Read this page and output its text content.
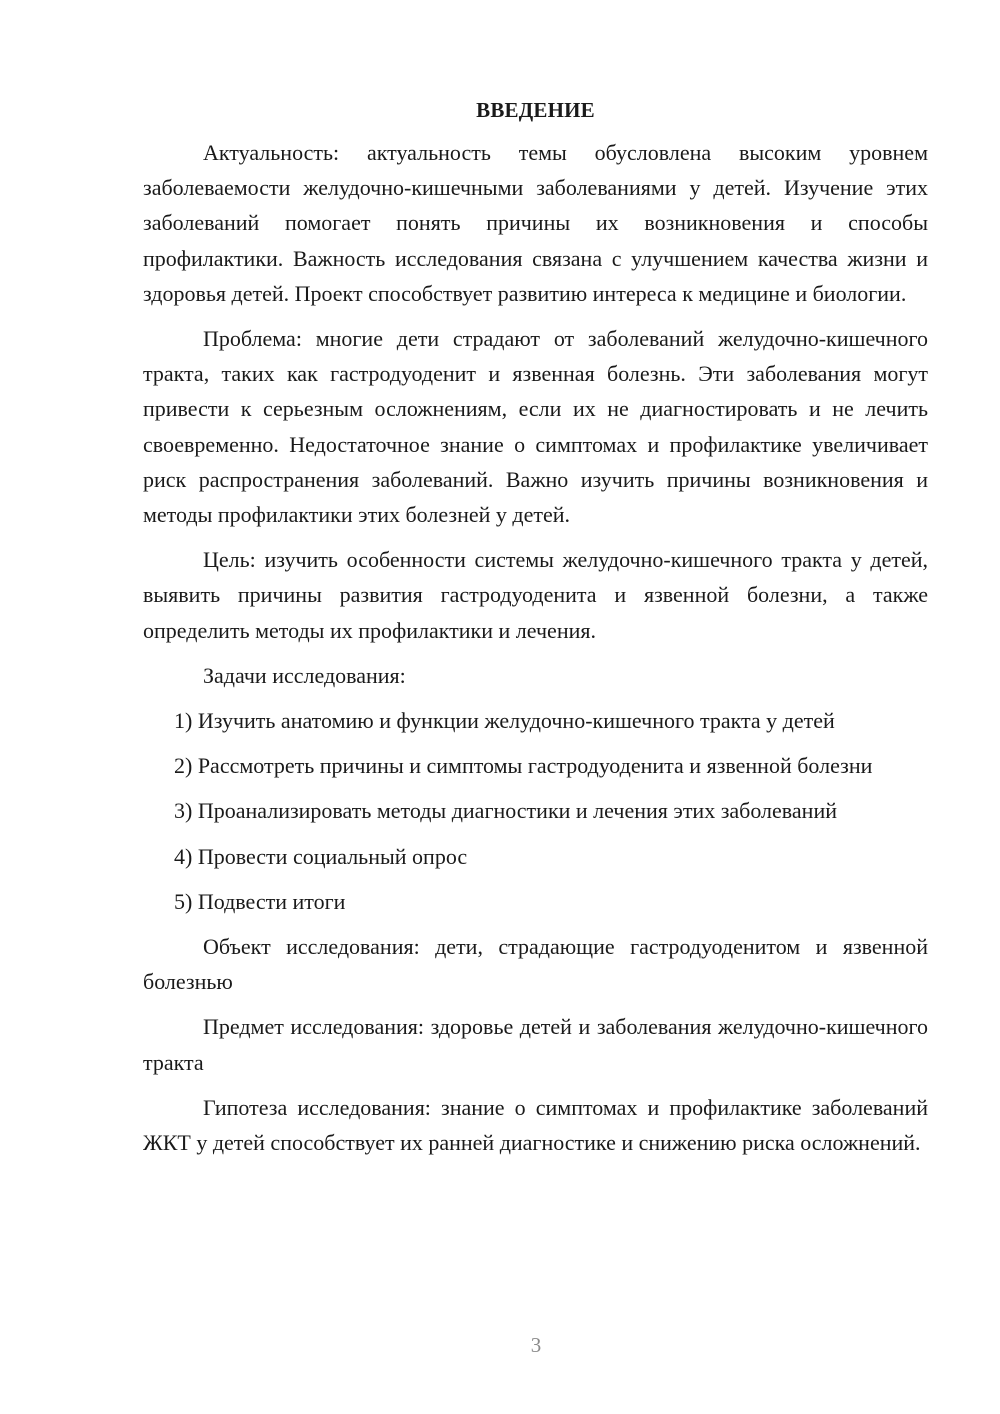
ВВЕДЕНИЕ

Актуальность: актуальность темы обусловлена высоким уровнем заболеваемости желудочно-кишечными заболеваниями у детей. Изучение этих заболеваний помогает понять причины их возникновения и способы профилактики. Важность исследования связана с улучшением качества жизни и здоровья детей. Проект способствует развитию интереса к медицине и биологии.

Проблема: многие дети страдают от заболеваний желудочно-кишечного тракта, таких как гастродуоденит и язвенная болезнь. Эти заболевания могут привести к серьезным осложнениям, если их не диагностировать и не лечить своевременно. Недостаточное знание о симптомах и профилактике увеличивает риск распространения заболеваний. Важно изучить причины возникновения и методы профилактики этих болезней у детей.

Цель: изучить особенности системы желудочно-кишечного тракта у детей, выявить причины развития гастродуоденита и язвенной болезни, а также определить методы их профилактики и лечения.

Задачи исследования:

1) Изучить анатомию и функции желудочно-кишечного тракта у детей

2) Рассмотреть причины и симптомы гастродуоденита и язвенной болезни

3) Проанализировать методы диагностики и лечения этих заболеваний

4) Провести социальный опрос

5) Подвести итоги

Объект исследования: дети, страдающие гастродуоденитом и язвенной болезнью

Предмет исследования: здоровье детей и заболевания желудочно-кишечного тракта

Гипотеза исследования: знание о симптомах и профилактике заболеваний ЖКТ у детей способствует их ранней диагностике и снижению риска осложнений.

3
